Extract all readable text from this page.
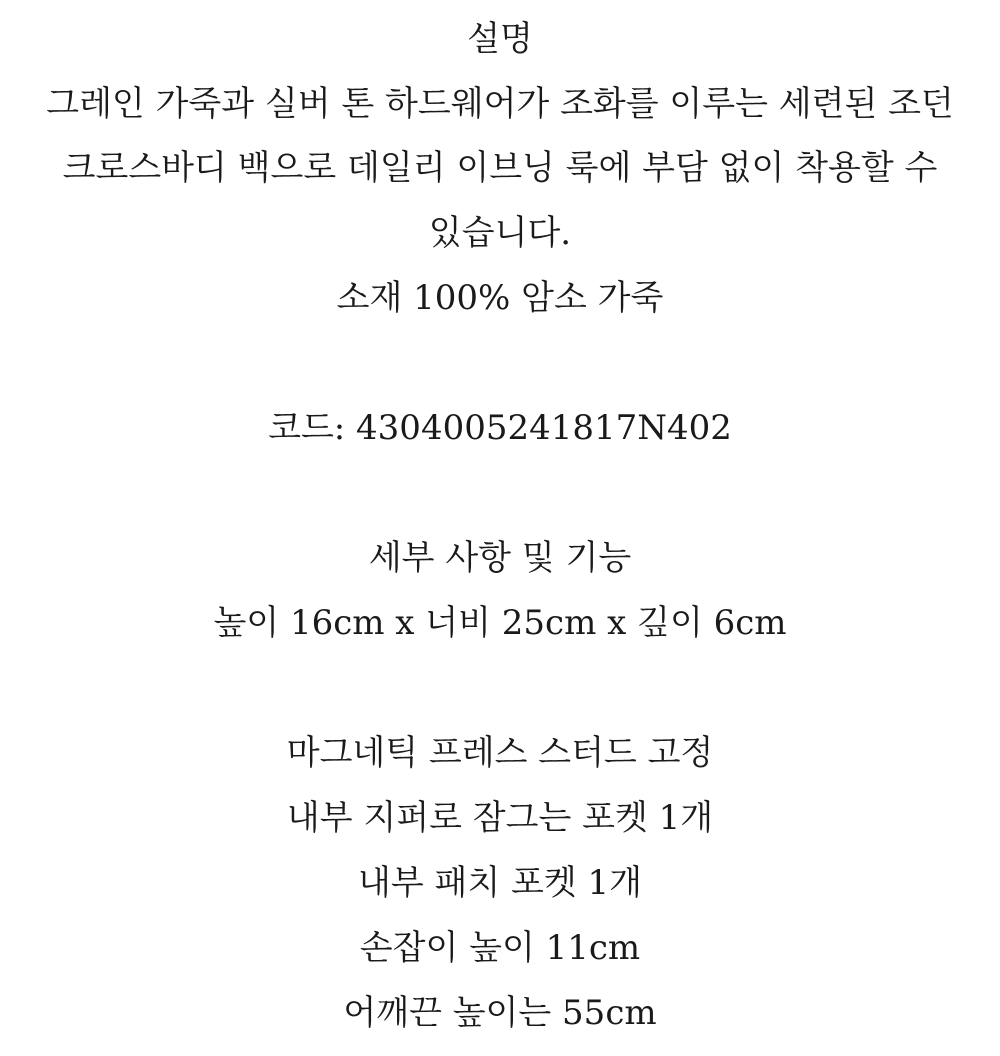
설명
그레인 가죽과 실버 톤 하드웨어가 조화를 이루는 세련된 조던
크로스바디 백으로 데일리 이브닝 룩에 부담 없이 착용할 수
있습니다.
소재 100% 암소 가죽
코드: 4304005241817N402
세부 사항 및 기능
높이 16cm x 너비 25cm x 깊이 6cm
마그네틱 프레스 스터드 고정
내부 지퍼로 잠그는 포켓 1개
내부 패치 포켓 1개
손잡이 높이 11cm
어깨끈 높이는 55cm
